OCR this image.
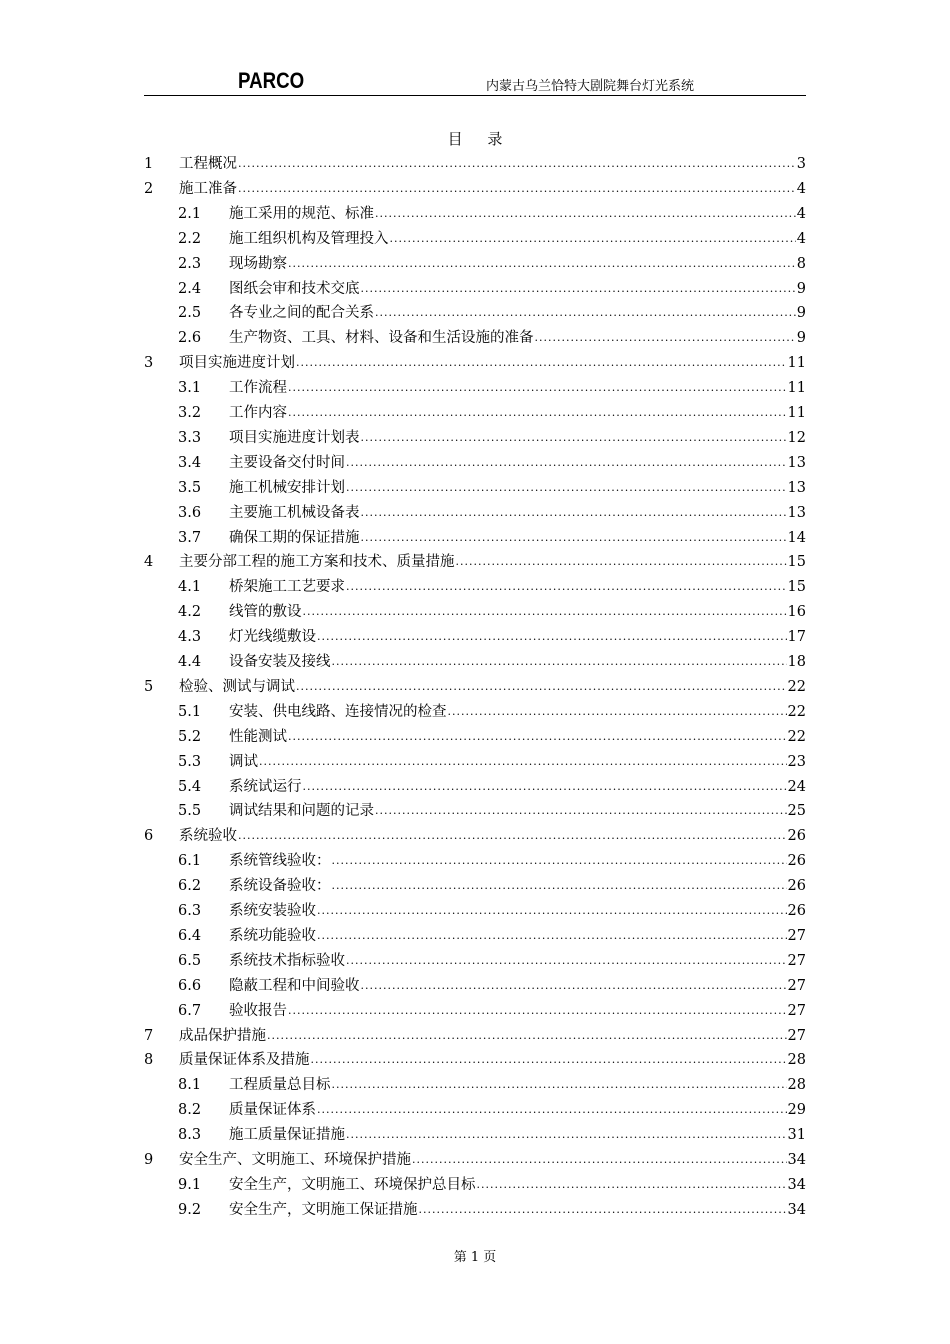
PARCO	内蒙古乌兰恰特大剧院舞台灯光系统
目 录
1	工程概况 .....	3
2	施工准备 .....	4
2.1	施工采用的规范、标准 .....	4
2.2	施工组织机构及管理投入 .....	4
2.3	现场勘察 .....	8
2.4	图纸会审和技术交底 .....	9
2.5	各专业之间的配合关系 .....	9
2.6	生产物资、工具、材料、设备和生活设施的准备 .....	9
3	项目实施进度计划 .....	11
3.1	工作流程 .....	11
3.2	工作内容 .....	11
3.3	项目实施进度计划表 .....	12
3.4	主要设备交付时间 .....	13
3.5	施工机械安排计划 .....	13
3.6	主要施工机械设备表 .....	13
3.7	确保工期的保证措施 .....	14
4	主要分部工程的施工方案和技术、质量措施 .....	15
4.1	桥架施工工艺要求 .....	15
4.2	线管的敷设 .....	16
4.3	灯光线缆敷设 .....	17
4.4	设备安装及接线 .....	18
5	检验、测试与调试 .....	22
5.1	安装、供电线路、连接情况的检查 .....	22
5.2	性能测试 .....	22
5.3	调试 .....	23
5.4	系统试运行 .....	24
5.5	调试结果和问题的记录 .....	25
6	系统验收 .....	26
6.1	系统管线验收： .....	26
6.2	系统设备验收： .....	26
6.3	系统安装验收 .....	26
6.4	系统功能验收 .....	27
6.5	系统技术指标验收 .....	27
6.6	隐蔽工程和中间验收 .....	27
6.7	验收报告 .....	27
7	成品保护措施 .....	27
8	质量保证体系及措施 .....	28
8.1	工程质量总目标 .....	28
8.2	质量保证体系 .....	29
8.3	施工质量保证措施 .....	31
9	安全生产、文明施工、环境保护措施 .....	34
9.1	安全生产，文明施工、环境保护总目标 .....	34
9.2	安全生产，文明施工保证措施 .....	34
第 1 页
